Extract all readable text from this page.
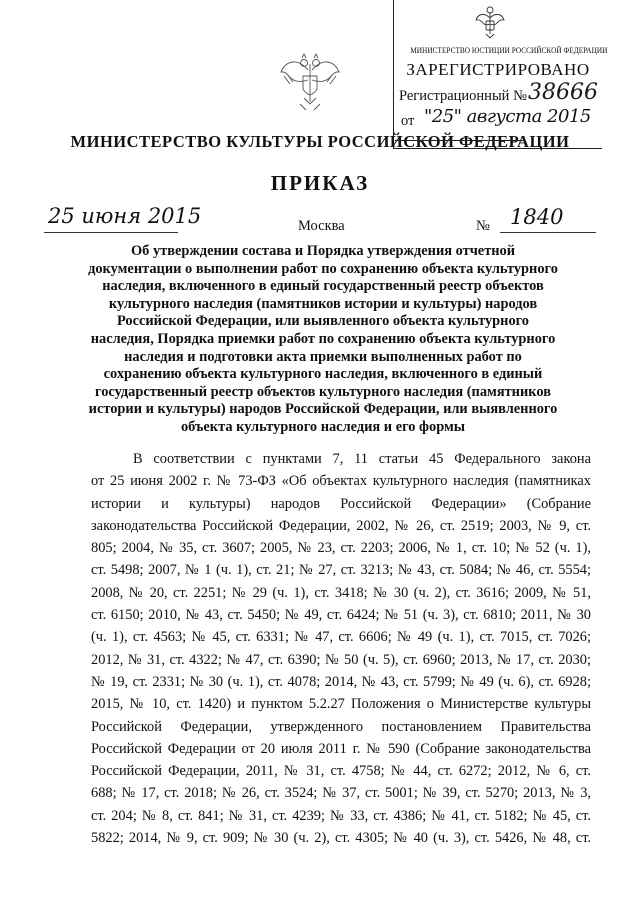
МИНИСТЕРСТВО ЮСТИЦИИ РОССИЙСКОЙ ФЕДЕРАЦИИ
ЗАРЕГИСТРИРОВАНО
Регистрационный № 38666
от "25" августа 2015
МИНИСТЕРСТВО КУЛЬТУРЫ РОССИЙСКОЙ ФЕДЕРАЦИИ
ПРИКАЗ
25 июня 2015	Москва	№ 1840
Об утверждении состава и Порядка утверждения отчетной
документации о выполнении работ по сохранению объекта культурного
наследия, включенного в единый государственный реестр объектов
культурного наследия (памятников истории и культуры) народов
Российской Федерации, или выявленного объекта культурного
наследия, Порядка приемки работ по сохранению объекта культурного
наследия и подготовки акта приемки выполненных работ по
сохранению объекта культурного наследия, включенного в единый
государственный реестр объектов культурного наследия (памятников
истории и культуры) народов Российской Федерации, или выявленного
объекта культурного наследия и его формы
В соответствии с пунктами 7, 11 статьи 45 Федерального закона
от 25 июня 2002 г. № 73-ФЗ «Об объектах культурного наследия (памятниках
истории и культуры) народов Российской Федерации» (Собрание
законодательства Российской Федерации, 2002, № 26, ст. 2519; 2003, № 9, ст.
805; 2004, № 35, ст. 3607; 2005, № 23, ст. 2203; 2006, № 1, ст. 10; № 52 (ч. 1),
ст. 5498; 2007, № 1 (ч. 1), ст. 21; № 27, ст. 3213; № 43, ст. 5084; № 46, ст. 5554;
2008, № 20, ст. 2251; № 29 (ч. 1), ст. 3418; № 30 (ч. 2), ст. 3616; 2009, № 51,
ст. 6150; 2010, № 43, ст. 5450; № 49, ст. 6424; № 51 (ч. 3), ст. 6810; 2011, № 30
(ч. 1), ст. 4563; № 45, ст. 6331; № 47, ст. 6606; № 49 (ч. 1), ст. 7015, ст. 7026;
2012, № 31, ст. 4322; № 47, ст. 6390; № 50 (ч. 5), ст. 6960; 2013, № 17, ст. 2030;
№ 19, ст. 2331; № 30 (ч. 1), ст. 4078; 2014, № 43, ст. 5799; № 49 (ч. 6), ст. 6928;
2015, № 10, ст. 1420) и пунктом 5.2.27 Положения о Министерстве культуры
Российской Федерации, утвержденного постановлением Правительства
Российской Федерации от 20 июля 2011 г. № 590 (Собрание законодательства
Российской Федерации, 2011, № 31, ст. 4758; № 44, ст. 6272; 2012, № 6, ст.
688; № 17, ст. 2018; № 26, ст. 3524; № 37, ст. 5001; № 39, ст. 5270; 2013, № 3,
ст. 204; № 8, ст. 841; № 31, ст. 4239; № 33, ст. 4386; № 41, ст. 5182; № 45, ст.
5822; 2014, № 9, ст. 909; № 30 (ч. 2), ст. 4305; № 40 (ч. 3), ст. 5426, № 48, ст.
